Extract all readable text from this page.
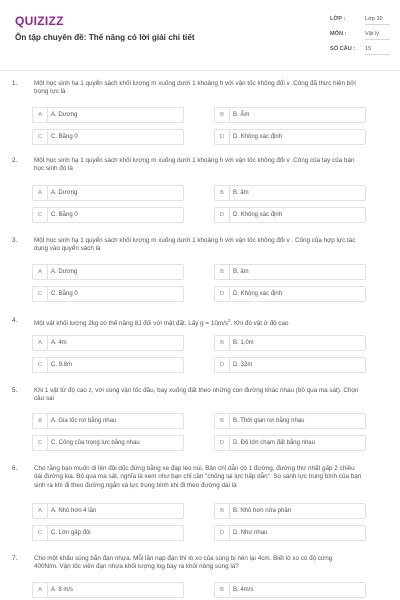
QUIZIZZ
Ôn tập chuyên đề: Thế năng có lời giải chi tiết
LỚP :	Lớp 10
MÔN :	Vật lý
SỐ CÂU : 15
1.	Một học sinh hạ 1 quyển sách khối lượng m xuống dưới 1 khoảng h với vận tốc không đổi v .Công đã thực hiện bởi
trọng lực là
A	A. Dương	B	B. Âm
C	C. Bằng 0	D	D. Không xác định
2.	Một học sinh hạ 1 quyển sách khối lượng m xuống dưới 1 khoảng h với vận tốc không đổi v .Công của tay của bạn
học sinh đó là
A	A. Dương	B	B. âm
C	C. Bằng 0	D	D. Không xác định
3.	Một học sinh hạ 1 quyển sách khối lượng m xuống dưới 1 khoảng h với vận tốc không đổi v . Công của hợp lực tác
dụng vào quyển sách là
A	A. Dương	B	B. âm
C	C. Bằng 0	D	D. Không xác định
4.	Một vật khối lượng 2kg có thế năng 8J đối với mặt đất. Lấy $g = 10m/s^2$. Khi đó vật ở độ cao
A	A. 4m	B	B. 1,0m
C	C. 9,8m	D	D. 32m
5.	Khi 1 vật từ độ cao z, với cùng vận tốc đầu, bay xuống đất theo những con đường khác nhau (bỏ qua ma sát). Chọn
câu sai
A	A. Gia tốc rơi bằng nhau	B	B. Thời gian rơi bằng nhau
C	C. Công của trọng lực bằng nhau	D	D. Độ lớn chạm đất bằng nhau
6.	Cho rằng bạn muốn di lên đồi dốc đứng bằng xe đạp leo núi. Bản chỉ dẫn có 1 đường, đường thứ nhất gấp 2 chiều
dài đường kia. Bỏ qua ma sát, nghĩa là xem như bạn chỉ cần "chống lại lực hấp dẫn". So sánh lực trung bình của bạn
sinh ra khi đi theo đường ngắn và lực trung bình khi đi theo đường dài là
A	A. Nhỏ hơn 4 lần	B	B. Nhỏ hơn nửa phần
C	C. Lớn gấp đôi	D	D. Như nhau
7.	Cho một khẩu súng bắn đạn nhựa. Mỗi lần nạp đạn thì lò xo của súng bị nén lại 4cm. Biết lò xo có độ cứng
400N/m. Vận tốc viên đạn nhựa khối lượng log bay ra khỏi nòng súng là?
A	A. 8 m/s	B	B. 4m/s
